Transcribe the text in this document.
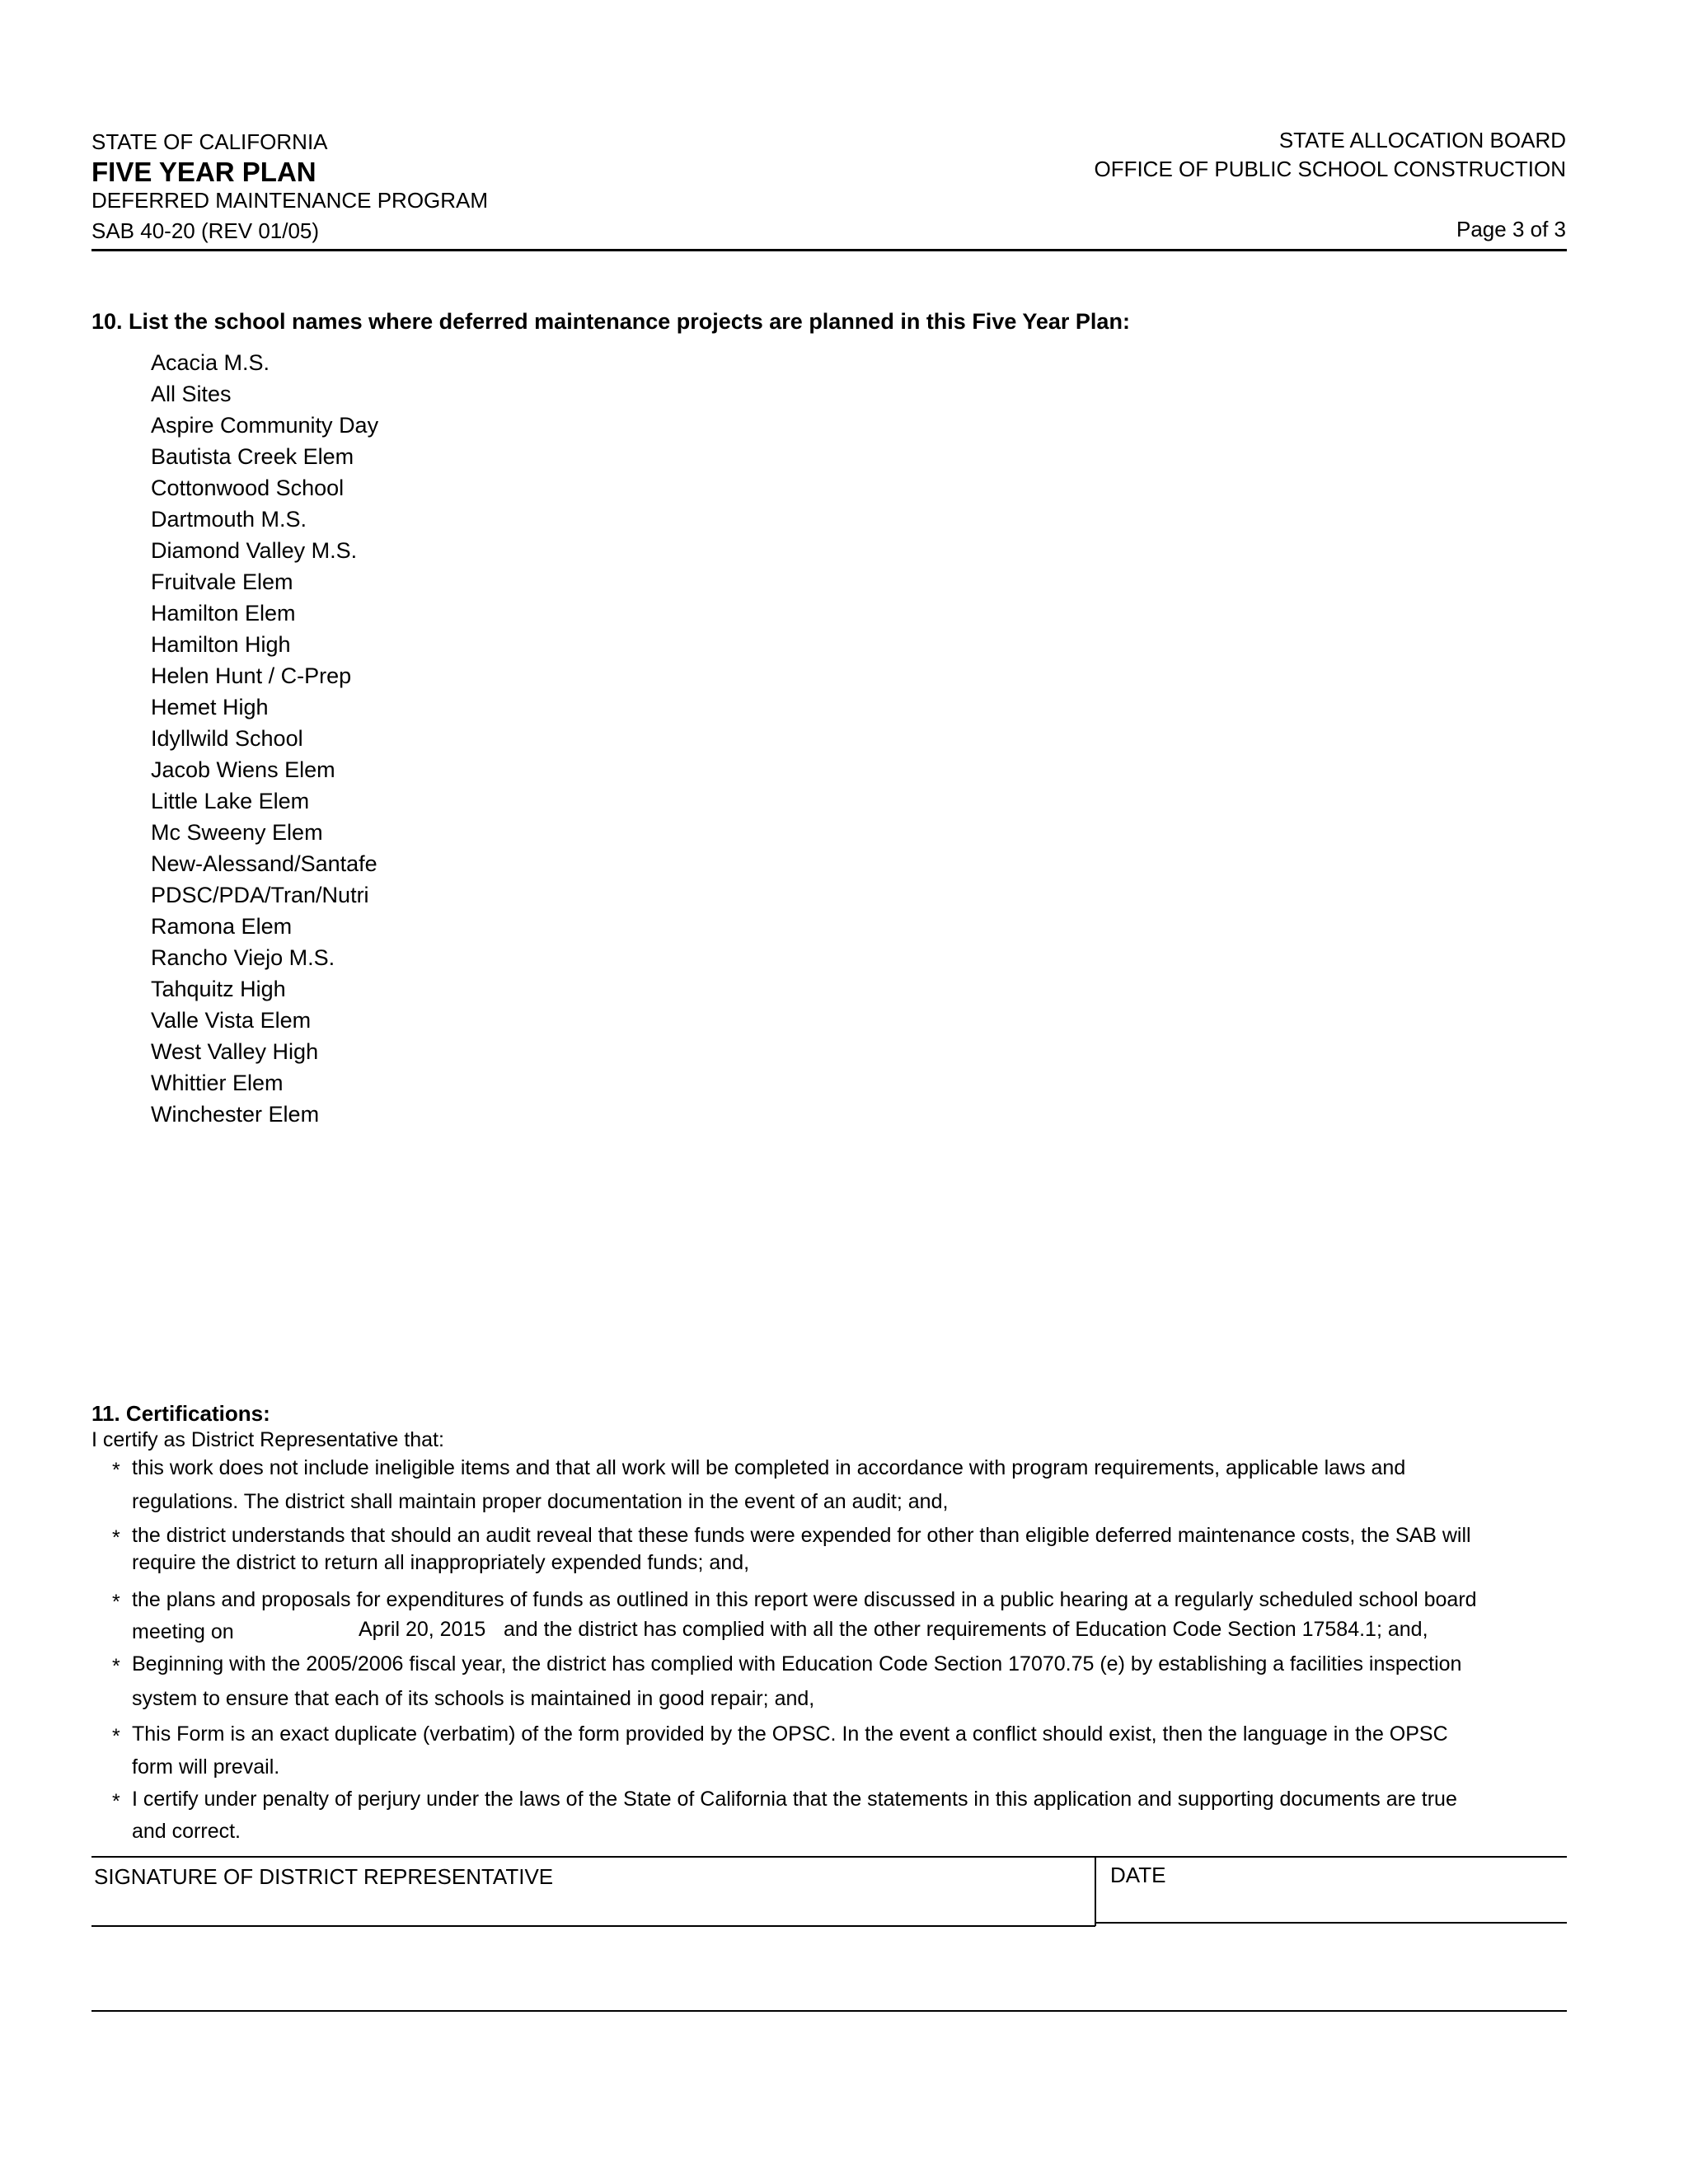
STATE OF CALIFORNIA
FIVE YEAR PLAN
DEFERRED MAINTENANCE PROGRAM
SAB 40-20 (REV 01/05)
STATE ALLOCATION BOARD
OFFICE OF PUBLIC SCHOOL CONSTRUCTION
Page 3 of 3
10. List the school names where deferred maintenance projects are planned in this Five Year Plan:
Acacia M.S.
All Sites
Aspire Community Day
Bautista Creek Elem
Cottonwood School
Dartmouth M.S.
Diamond Valley M.S.
Fruitvale Elem
Hamilton Elem
Hamilton High
Helen Hunt / C-Prep
Hemet High
Idyllwild School
Jacob Wiens Elem
Little Lake Elem
Mc Sweeny Elem
New-Alessand/Santafe
PDSC/PDA/Tran/Nutri
Ramona Elem
Rancho Viejo M.S.
Tahquitz High
Valle Vista Elem
West Valley High
Whittier Elem
Winchester Elem
11. Certifications:
I certify as District Representative that:
* this work does not include ineligible items and that all work will be completed in accordance with program requirements, applicable laws and
regulations. The district shall maintain proper documentation in the event of an audit; and,
* the district understands that should an audit reveal that these funds were expended for other than eligible deferred maintenance costs, the SAB will
require the district to return all inappropriately expended funds; and,
* the plans and proposals for expenditures of funds as outlined in this report were discussed in a public hearing at a regularly scheduled school board
meeting on	April 20, 2015 and the district has complied with all the other requirements of Education Code Section 17584.1; and,
* Beginning with the 2005/2006 fiscal year, the district has complied with Education Code Section 17070.75 (e) by establishing a facilities inspection
system to ensure that each of its schools is maintained in good repair; and,
* This Form is an exact duplicate (verbatim) of the form provided by the OPSC. In the event a conflict should exist, then the language in the OPSC
form will prevail.
* I certify under penalty of perjury under the laws of the State of California that the statements in this application and supporting documents are true
and correct.
SIGNATURE OF DISTRICT REPRESENTATIVE	DATE
